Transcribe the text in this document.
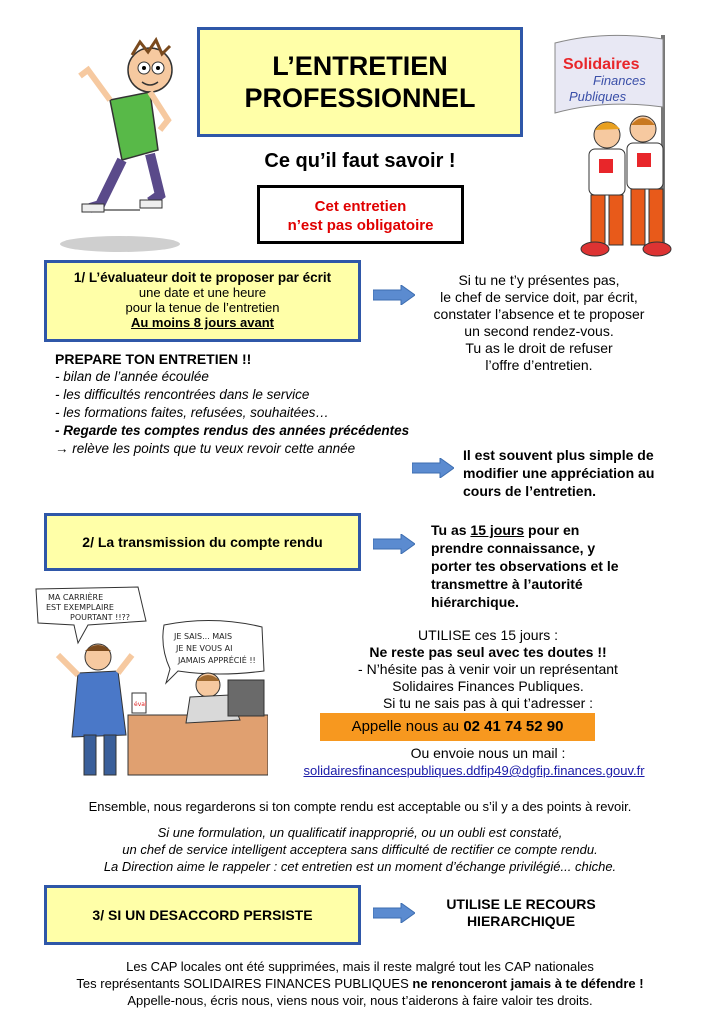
L’ENTRETIEN
PROFESSIONNEL
Solidaires
Finances
Publiques
Ce qu’il faut savoir !
Cet entretien
n’est pas obligatoire
1/ L’évaluateur doit te proposer par écrit
une date et une heure
pour la tenue de l’entretien
Au moins 8 jours avant
Si tu ne t’y présentes pas,
le chef de service doit, par écrit,
constater l’absence et te proposer
un second rendez-vous.
Tu as le droit de refuser
l’offre d’entretien.
PREPARE TON ENTRETIEN !!
- bilan de l’année écoulée
- les difficultés rencontrées dans le service
- les formations faites, refusées, souhaitées…
- Regarde tes comptes rendus des années précédentes
→ relève les points que tu veux revoir cette année	Il est souvent plus simple de
modifier une appréciation au
cours de l’entretien.
2/ La transmission du compte rendu
Tu as 15 jours pour en
prendre connaissance, y
porter tes observations et le
transmettre à l’autorité
hiérarchique.
MA CARRIÈRE
EST EXEMPLAIRE
POURTANT !!??
JE SAIS... MAIS
JE NE VOUS AI
JAMAIS APPRÉCIÉ !!
éval
UTILISE ces 15 jours :
Ne reste pas seul avec tes doutes !!
- N’hésite pas à venir voir un représentant
Solidaires Finances Publiques.
Si tu ne sais pas à qui t’adresser :
Appelle nous au 02 41 74 52 90
Ou envoie nous un mail :
solidairesfinancespubliques.ddfip49@dgfip.finances.gouv.fr
Ensemble, nous regarderons si ton compte rendu est acceptable ou s’il y a des points à revoir.
Si une formulation, un qualificatif inapproprié, ou un oubli est constaté,
un chef de service intelligent acceptera sans difficulté de rectifier ce compte rendu.
La Direction aime le rappeler : cet entretien est un moment d’échange privilégié... chiche.
3/ SI UN DESACCORD PERSISTE
UTILISE LE RECOURS
HIERARCHIQUE
Les CAP locales ont été supprimées, mais il reste malgré tout les CAP nationales
Tes représentants SOLIDAIRES FINANCES PUBLIQUES ne renonceront jamais à te défendre !
Appelle-nous, écris nous, viens nous voir, nous t’aiderons à faire valoir tes droits.
